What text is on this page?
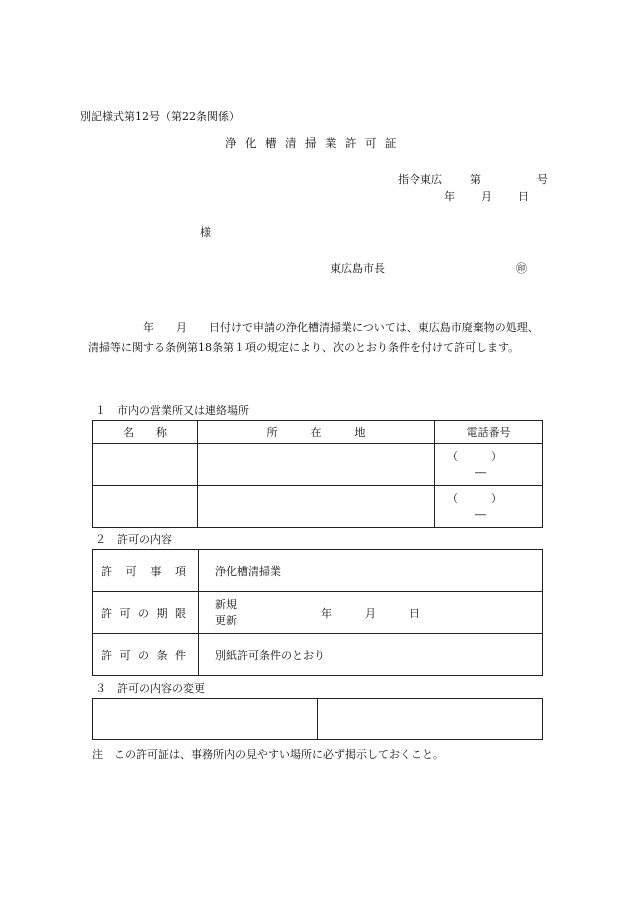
別記様式第12号（第22条関係）
浄化槽清掃業許可証
指令東広	第	号
年 月 日
様
東広島市長	㊞
　　　　　年　　月　　日付けで申請の浄化槽清掃業については、東広島市廃棄物の処理、清掃等に関する条例第18条第１項の規定により、次のとおり条件を付けて許可します。
１　市内の営業所又は連絡場所
名　　称	所　　　在　　　地	電話番号

		（　　　）
―

		（　　　）
―
２　許可の内容
許可事項	浄化槽清掃業
許可の期限	新規
更新
年　　　月　　　日

許可の条件	別紙許可条件のとおり
３　許可の内容の変更

注　この許可証は、事務所内の見やすい場所に必ず掲示しておくこと。
